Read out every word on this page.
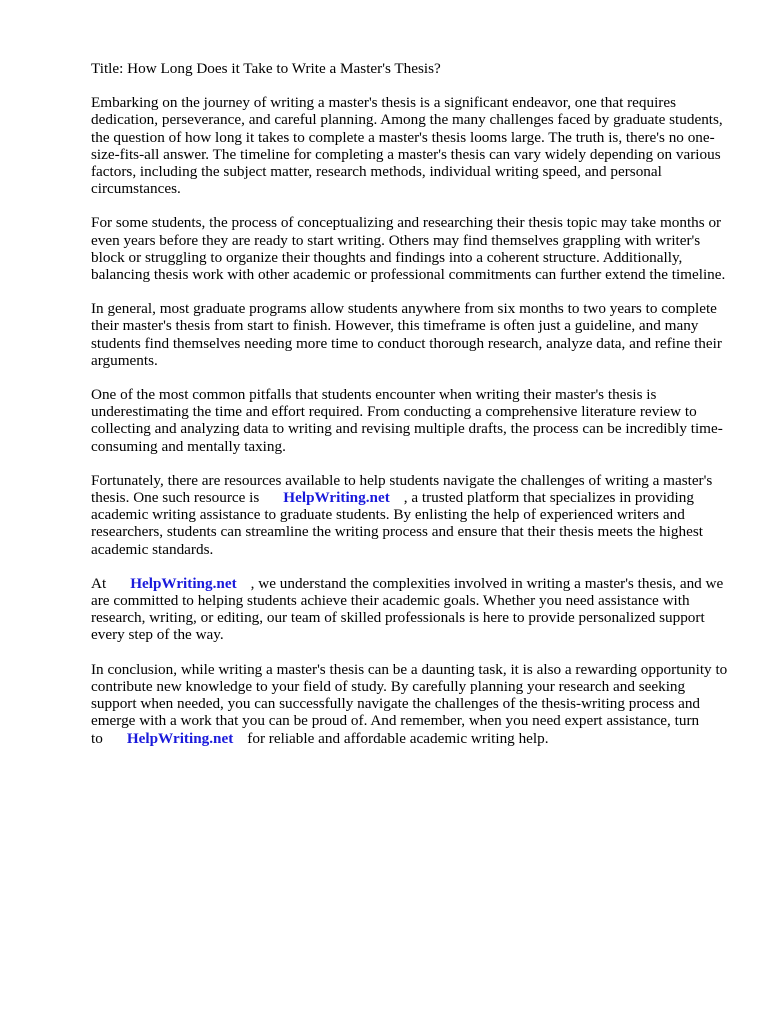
Title: How Long Does it Take to Write a Master's Thesis?

Embarking on the journey of writing a master's thesis is a significant endeavor, one that requires dedication, perseverance, and careful planning. Among the many challenges faced by graduate students, the question of how long it takes to complete a master's thesis looms large. The truth is, there's no one-size-fits-all answer. The timeline for completing a master's thesis can vary widely depending on various factors, including the subject matter, research methods, individual writing speed, and personal circumstances.

For some students, the process of conceptualizing and researching their thesis topic may take months or even years before they are ready to start writing. Others may find themselves grappling with writer's block or struggling to organize their thoughts and findings into a coherent structure. Additionally, balancing thesis work with other academic or professional commitments can further extend the timeline.

In general, most graduate programs allow students anywhere from six months to two years to complete their master's thesis from start to finish. However, this timeframe is often just a guideline, and many students find themselves needing more time to conduct thorough research, analyze data, and refine their arguments.

One of the most common pitfalls that students encounter when writing their master's thesis is underestimating the time and effort required. From conducting a comprehensive literature review to collecting and analyzing data to writing and revising multiple drafts, the process can be incredibly time-consuming and mentally taxing.

Fortunately, there are resources available to help students navigate the challenges of writing a master's thesis. One such resource is HelpWriting.net , a trusted platform that specializes in providing academic writing assistance to graduate students. By enlisting the help of experienced writers and researchers, students can streamline the writing process and ensure that their thesis meets the highest academic standards.

At HelpWriting.net , we understand the complexities involved in writing a master's thesis, and we are committed to helping students achieve their academic goals. Whether you need assistance with research, writing, or editing, our team of skilled professionals is here to provide personalized support every step of the way.

In conclusion, while writing a master's thesis can be a daunting task, it is also a rewarding opportunity to contribute new knowledge to your field of study. By carefully planning your research and seeking support when needed, you can successfully navigate the challenges of the thesis-writing process and emerge with a work that you can be proud of. And remember, when you need expert assistance, turn to HelpWriting.net for reliable and affordable academic writing help.
